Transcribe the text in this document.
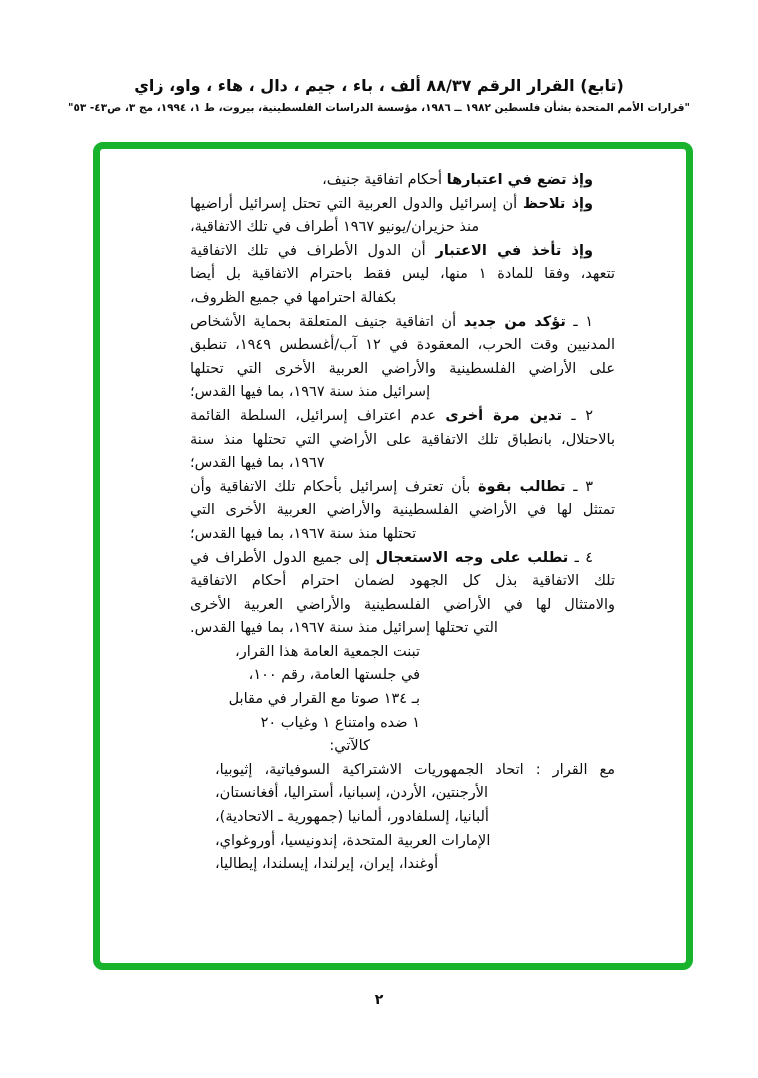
(تابع) القرار الرقم ٨٨/٣٧ ألف ، باء ، جيم ، دال ، هاء ، واو، زاي
"قرارات الأمم المتحدة بشأن فلسطين ١٩٨٢ ــ ١٩٨٦، مؤسسة الدراسات الفلسطينية، بيروت، ط ١، ١٩٩٤، مج ٣، ص٤٣- ٥٣"
وإذ تضع في اعتبارها أحكام اتفاقية جنيف،
وإذ تلاحظ أن إسرائيل والدول العربية التي تحتل إسرائيل أراضيها
منذ حزيران/يونيو ١٩٦٧ أطراف في تلك الاتفاقية،
وإذ تأخذ في الاعتبار أن الدول الأطراف في تلك الاتفاقية
تتعهد، وفقا للمادة ١ منها، ليس فقط باحترام الاتفاقية بل أيضا
بكفالة احترامها في جميع الظروف،
١ ـ تؤكد من جديد أن اتفاقية جنيف المتعلقة بحماية الأشخاص
المدنيين وقت الحرب، المعقودة في ١٢ آب/أغسطس ١٩٤٩، تنطبق
على الأراضي الفلسطينية والأراضي العربية الأخرى التي تحتلها
إسرائيل منذ سنة ١٩٦٧، بما فيها القدس؛
٢ ـ تدين مرة أخرى عدم اعتراف إسرائيل، السلطة القائمة
بالاحتلال، بانطباق تلك الاتفاقية على الأراضي التي تحتلها منذ سنة
١٩٦٧، بما فيها القدس؛
٣ ـ تطالب بقوة بأن تعترف إسرائيل بأحكام تلك الاتفاقية وأن
تمتثل لها في الأراضي الفلسطينية والأراضي العربية الأخرى التي
تحتلها منذ سنة ١٩٦٧، بما فيها القدس؛
٤ ـ تطلب على وجه الاستعجال إلى جميع الدول الأطراف في
تلك الاتفاقية بذل كل الجهود لضمان احترام أحكام الاتفاقية
والامتثال لها في الأراضي الفلسطينية والأراضي العربية الأخرى
التي تحتلها إسرائيل منذ سنة ١٩٦٧، بما فيها القدس.
تبنت الجمعية العامة هذا القرار،
في جلستها العامة، رقم ١٠٠،
بـ ١٣٤ صوتا مع القرار في مقابل
١ ضده وامتناع ١ وغياب ٢٠
كالآتي:
مع القرار : اتحاد الجمهوريات الاشتراكية السوفياتية، إثيوبيا،
الأرجنتين، الأردن، إسبانيا، أستراليا، أفغانستان،
ألبانيا، إلسلفادور، ألمانيا (جمهورية ـ الاتحادية)،
الإمارات العربية المتحدة، إندونيسيا، أوروغواي،
أوغندا، إيران، إيرلندا، إيسلندا، إيطاليا،
٢
